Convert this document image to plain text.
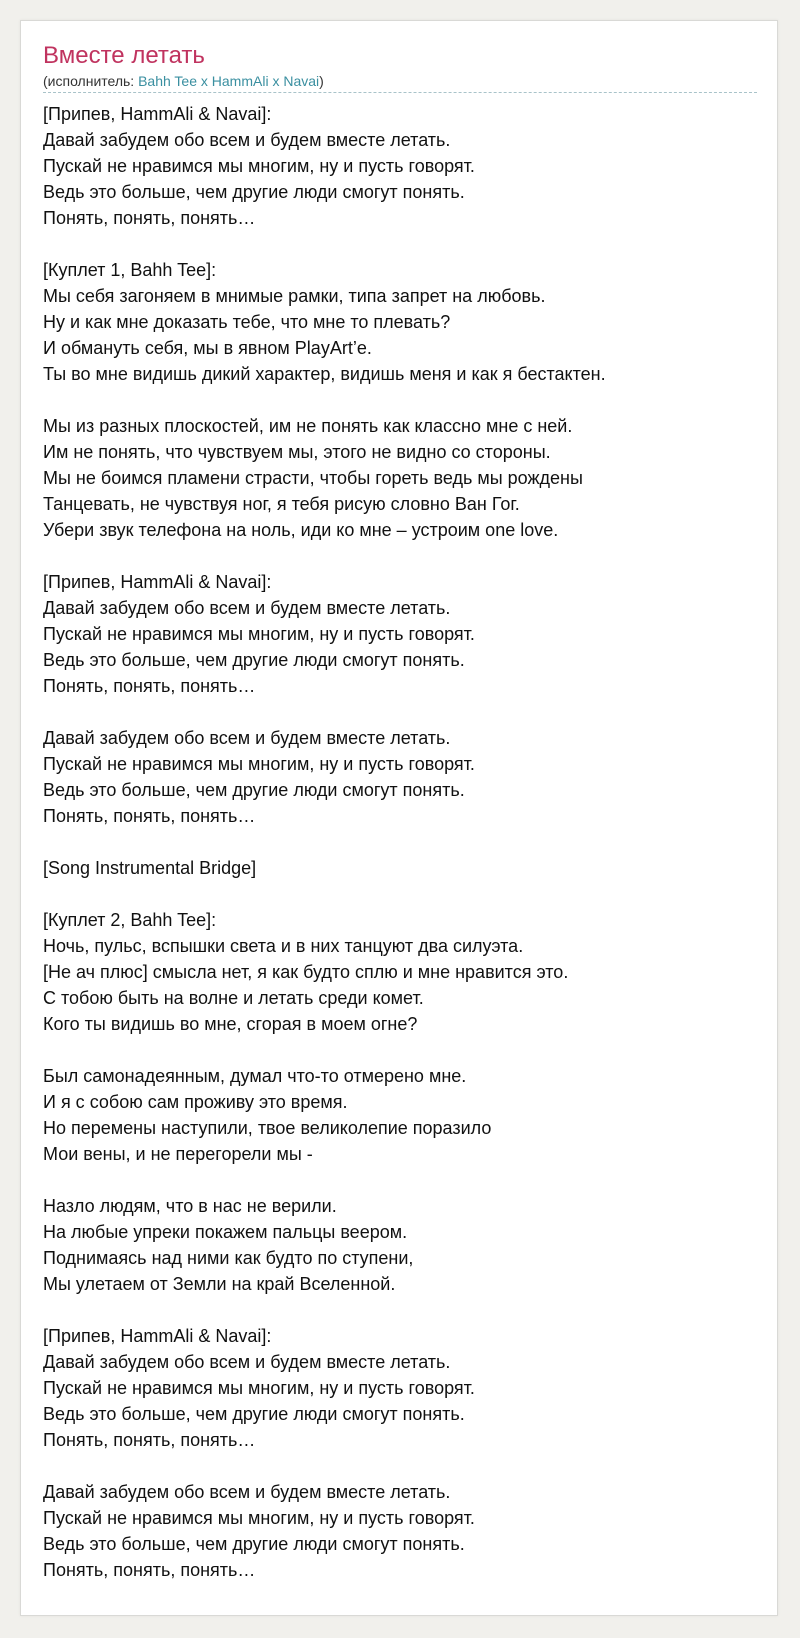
Вместе летать
(исполнитель: Bahh Tee x HammAli x Navai)
[Припев, HammAli & Navai]:
Давай забудем обо всем и будем вместе летать.
Пускай не нравимся мы многим, ну и пусть говорят.
Ведь это больше, чем другие люди смогут понять.
Понять, понять, понять…
[Куплет 1, Bahh Tee]:
Мы себя загоняем в мнимые рамки, типа запрет на любовь.
Ну и как мне доказать тебе, что мне то плевать?
И обмануть себя, мы в явном PlayArt’e.
Ты во мне видишь дикий характер, видишь меня и как я бестактен.
Мы из разных плоскостей, им не понять как классно мне с ней.
Им не понять, что чувствуем мы, этого не видно со стороны.
Мы не боимся пламени страсти, чтобы гореть ведь мы рождены
Танцевать, не чувствуя ног, я тебя рисую словно Ван Гог.
Убери звук телефона на ноль, иди ко мне – устроим one love.
[Припев, HammAli & Navai]:
Давай забудем обо всем и будем вместе летать.
Пускай не нравимся мы многим, ну и пусть говорят.
Ведь это больше, чем другие люди смогут понять.
Понять, понять, понять…
Давай забудем обо всем и будем вместе летать.
Пускай не нравимся мы многим, ну и пусть говорят.
Ведь это больше, чем другие люди смогут понять.
Понять, понять, понять…
[Song Instrumental Bridge]
[Куплет 2, Bahh Tee]:
Ночь, пульс, вспышки света и в них танцуют два силуэта.
[Не ач плюс] смысла нет, я как будто сплю и мне нравится это.
С тобою быть на волне и летать среди комет.
Кого ты видишь во мне, сгорая в моем огне?
Был самонадеянным, думал что-то отмерено мне.
И я с собою сам проживу это время.
Но перемены наступили, твое великолепие поразило
Мои вены, и не перегорели мы -
Назло людям, что в нас не верили.
На любые упреки покажем пальцы веером.
Поднимаясь над ними как будто по ступени,
Мы улетаем от Земли на край Вселенной.
[Припев, HammAli & Navai]:
Давай забудем обо всем и будем вместе летать.
Пускай не нравимся мы многим, ну и пусть говорят.
Ведь это больше, чем другие люди смогут понять.
Понять, понять, понять…
Давай забудем обо всем и будем вместе летать.
Пускай не нравимся мы многим, ну и пусть говорят.
Ведь это больше, чем другие люди смогут понять.
Понять, понять, понять…
